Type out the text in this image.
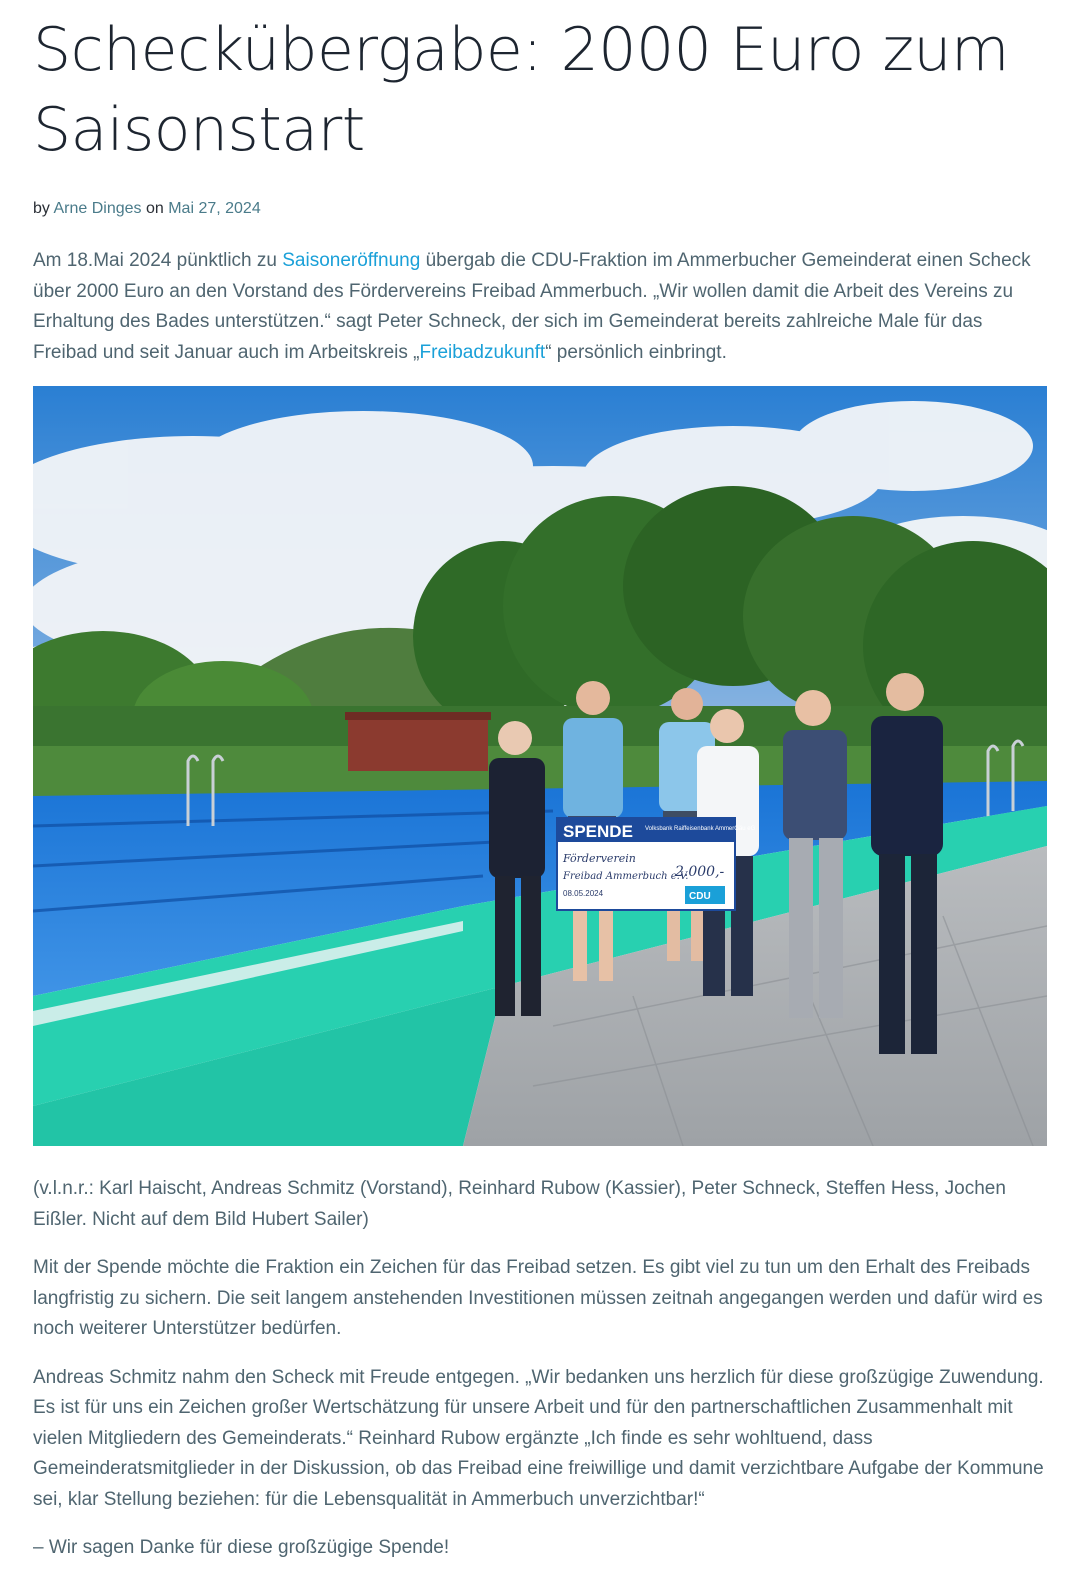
Scheckübergabe: 2000 Euro zum Saisonstart
by Arne Dinges on Mai 27, 2024

Am 18.Mai 2024 pünktlich zu Saisoneröffnung übergab die CDU-Fraktion im Ammerbucher Gemeinderat einen Scheck über 2000 Euro an den Vorstand des Fördervereins Freibad Ammerbuch. „Wir wollen damit die Arbeit des Vereins zu Erhaltung des Bades unterstützen.“ sagt Peter Schneck, der sich im Gemeinderat bereits zahlreiche Male für das Freibad und seit Januar auch im Arbeitskreis „Freibadzukunft“ persönlich einbringt.

SPENDE Volksbank Raiffeisenbank AmmerGäu eG
Förderverein
Freibad Ammerbuch e.V.
2.000,-
08.05.2024	CDU

(v.l.n.r.: Karl Haischt, Andreas Schmitz (Vorstand), Reinhard Rubow (Kassier), Peter Schneck, Steffen Hess, Jochen Eißler. Nicht auf dem Bild Hubert Sailer)

Mit der Spende möchte die Fraktion ein Zeichen für das Freibad setzen. Es gibt viel zu tun um den Erhalt des Freibads langfristig zu sichern. Die seit langem anstehenden Investitionen müssen zeitnah angegangen werden und dafür wird es noch weiterer Unterstützer bedürfen.

Andreas Schmitz nahm den Scheck mit Freude entgegen. „Wir bedanken uns herzlich für diese großzügige Zuwendung. Es ist für uns ein Zeichen großer Wertschätzung für unsere Arbeit und für den partnerschaftlichen Zusammenhalt mit vielen Mitgliedern des Gemeinderats.“ Reinhard Rubow ergänzte „Ich finde es sehr wohltuend, dass Gemeinderatsmitglieder in der Diskussion, ob das Freibad eine freiwillige und damit verzichtbare Aufgabe der Kommune sei, klar Stellung beziehen: für die Lebensqualität in Ammerbuch unverzichtbar!“

– Wir sagen Danke für diese großzügige Spende!
